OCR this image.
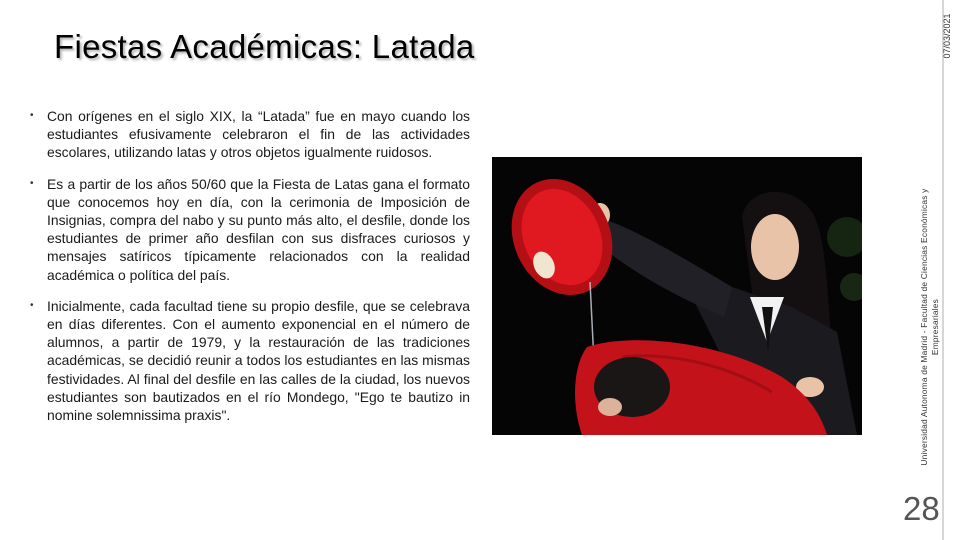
Fiestas Académicas: Latada
• Con orígenes en el siglo XIX, la “Latada” fue en mayo cuando los estudiantes efusivamente celebraron el fin de las actividades escolares, utilizando latas y otros objetos igualmente ruidosos.
• Es a partir de los años 50/60 que la Fiesta de Latas gana el formato que conocemos hoy en día, con la cerimonia de Imposición de Insignias, compra del nabo y su punto más alto, el desfile, donde los estudiantes de primer año desfilan con sus disfraces curiosos y mensajes satíricos típicamente relacionados con la realidad académica o política del país.
• Inicialmente, cada facultad tiene su propio desfile, que se celebrava en días diferentes. Con el aumento exponencial en el número de alumnos, a partir de 1979, y la restauración de las tradiciones académicas, se decidió reunir a todos los estudiantes en las mismas festividades. Al final del desfile en las calles de la ciudad, los nuevos estudiantes son bautizados en el río Mondego, "Ego te bautizo in nomine solemnissima praxis".
07/03/2021
Universidad Autonoma de Madrid - Facultad de Ciencias Económicas y Empresariales
28
